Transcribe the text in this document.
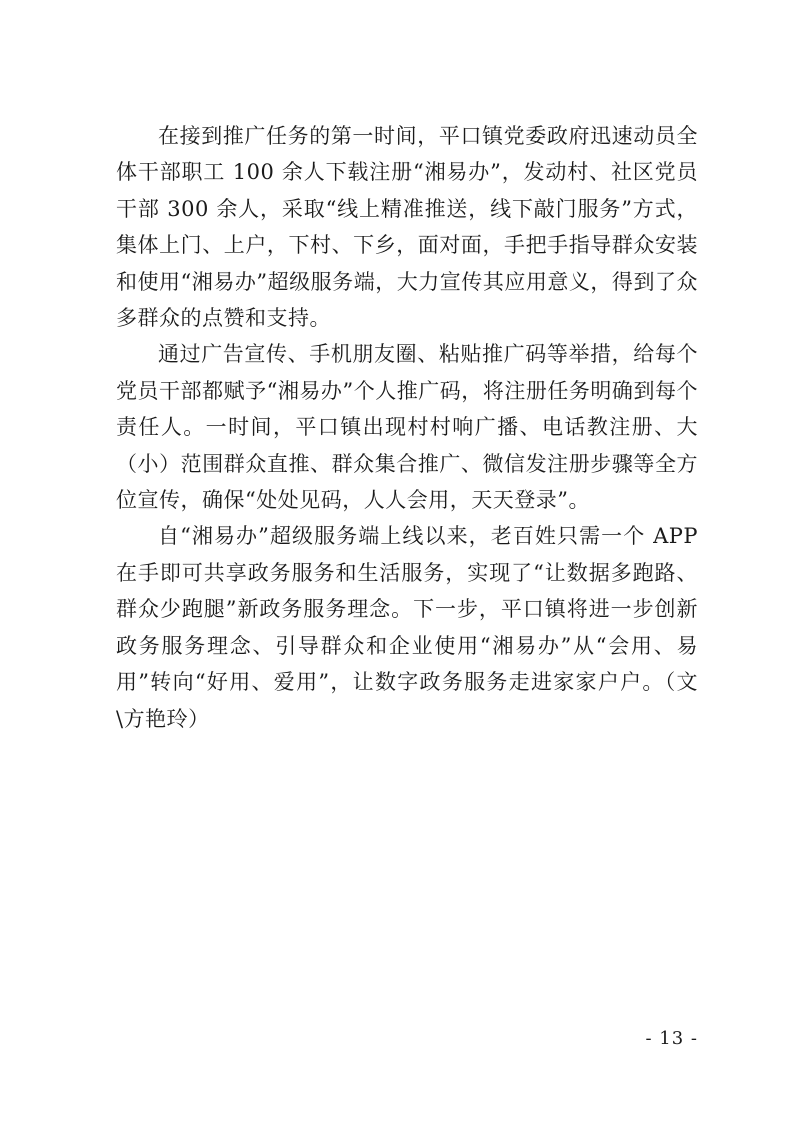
在接到推广任务的第一时间，平口镇党委政府迅速动员全体干部职工 100 余人下载注册“湘易办”，发动村、社区党员干部 300 余人，采取“线上精准推送，线下敲门服务”方式，集体上门、上户，下村、下乡，面对面，手把手指导群众安装和使用“湘易办”超级服务端，大力宣传其应用意义，得到了众多群众的点赞和支持。

通过广告宣传、手机朋友圈、粘贴推广码等举措，给每个党员干部都赋予“湘易办”个人推广码，将注册任务明确到每个责任人。一时间，平口镇出现村村响广播、电话教注册、大（小）范围群众直推、群众集合推广、微信发注册步骤等全方位宣传，确保“处处见码，人人会用，天天登录”。

自“湘易办”超级服务端上线以来，老百姓只需一个 APP 在手即可共享政务服务和生活服务，实现了“让数据多跑路、群众少跑腿”新政务服务理念。下一步，平口镇将进一步创新政务服务理念、引导群众和企业使用“湘易办”从“会用、易用”转向“好用、爱用”，让数字政务服务走进家家户户。（文\方艳玲）

- 13 -
